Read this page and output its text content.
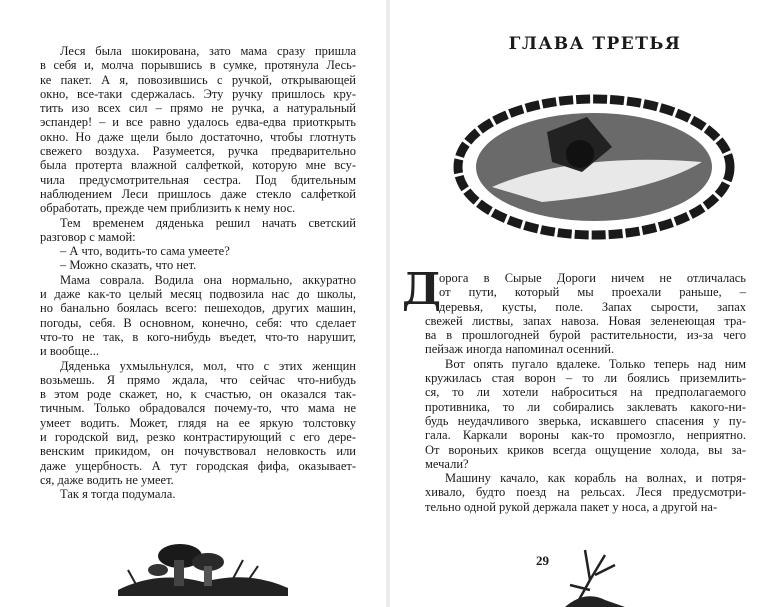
Леся была шокирована, зато мама сразу пришла
в себя и, молча порывшись в сумке, протянула Лесь-
ке пакет. А я, повозившись с ручкой, открывающей
окно, все-таки сдержалась. Эту ручку пришлось кру-
тить изо всех сил – прямо не ручка, а натуральный
эспандер! – и все равно удалось едва-едва приоткрыть
окно. Но даже щели было достаточно, чтобы глотнуть
свежего воздуха. Разумеется, ручка предварительно
была протерта влажной салфеткой, которую мне всу-
чила предусмотрительная сестра. Под бдительным
наблюдением Леси пришлось даже стекло салфеткой
обработать, прежде чем приблизить к нему нос.
Тем временем дяденька решил начать светский
разговор с мамой:
– А что, водить-то сама умеете?
– Можно сказать, что нет.
Мама соврала. Водила она нормально, аккуратно
и даже как-то целый месяц подвозила нас до школы,
но банально боялась всего: пешеходов, других машин,
погоды, себя. В основном, конечно, себя: что сделает
что-то не так, в кого-нибудь въедет, что-то нарушит,
и вообще...
Дяденька ухмыльнулся, мол, что с этих женщин
возьмешь. Я прямо ждала, что сейчас что-нибудь
в этом роде скажет, но, к счастью, он оказался так-
тичным. Только обрадовался почему-то, что мама не
умеет водить. Может, глядя на ее яркую толстовку
и городской вид, резко контрастирующий с его дере-
венским прикидом, он почувствовал неловкость или
даже ущербность. А тут городская фифа, оказывает-
ся, даже водить не умеет.
Так я тогда подумала.
ГЛАВА ТРЕТЬЯ
орога в Сырые Дороги ничем не отличалась
от пути, который мы проехали раньше, –
деревья, кусты, поле. Запах сырости, запах
свежей листвы, запах навоза. Новая зеленеющая тра-
ва в прошлогодней бурой растительности, из-за чего
пейзаж иногда напоминал осенний.
Вот опять пугало вдалеке. Только теперь над ним
кружилась стая ворон – то ли боялись приземлить-
ся, то ли хотели наброситься на предполагаемого
противника, то ли собирались заклевать какого-ни-
будь неудачливого зверька, искавшего спасения у пу-
гала. Каркали вороны как-то промозгло, неприятно.
От вороньих криков всегда ощущение холода, вы за-
мечали?
Машину качало, как корабль на волнах, и потря-
хивало, будто поезд на рельсах. Леся предусмотри-
тельно одной рукой держала пакет у носа, а другой на-
Д
29
